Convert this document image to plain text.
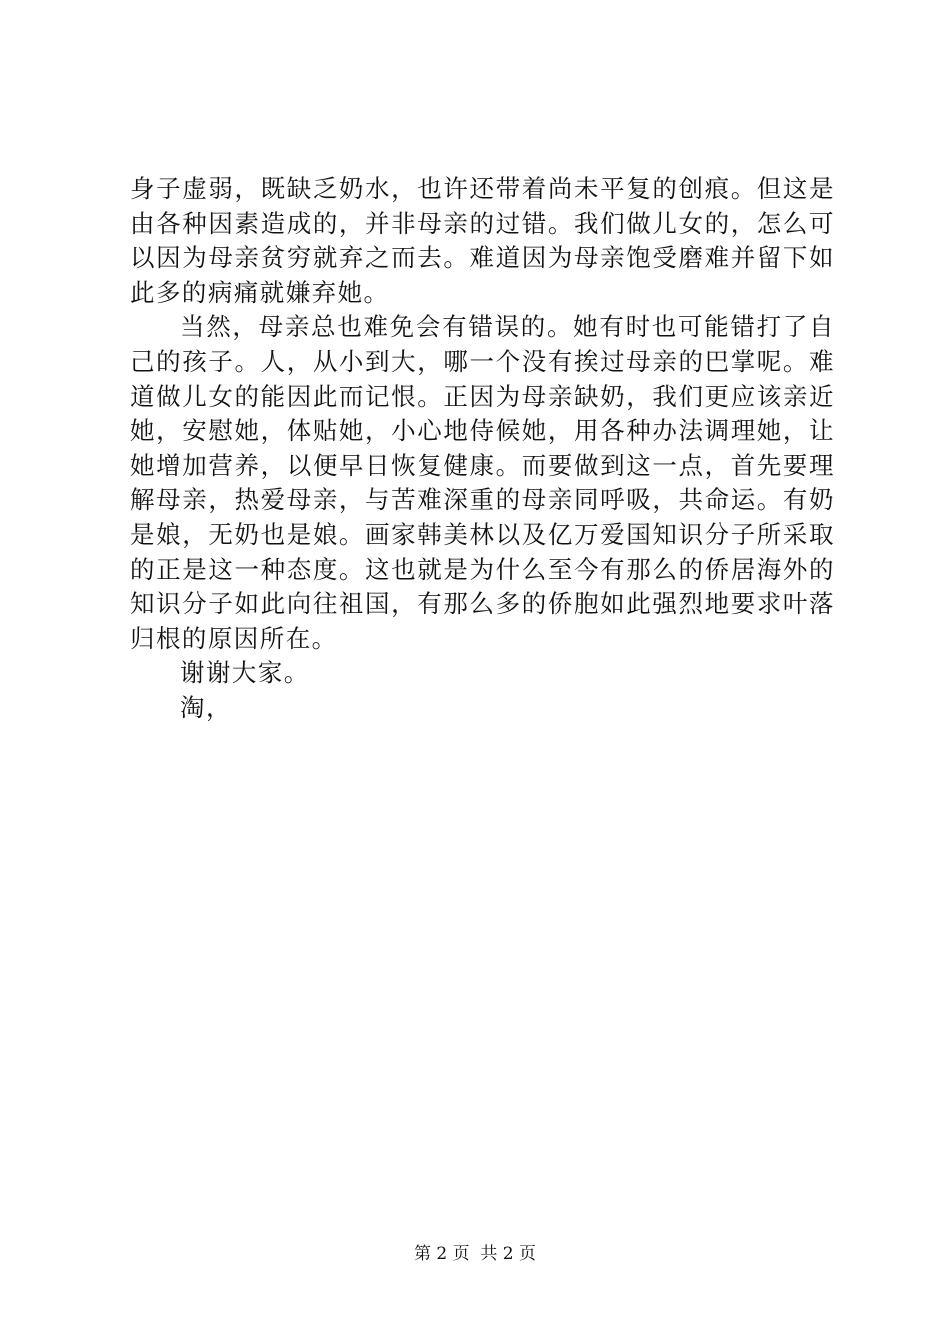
身子虚弱，既缺乏奶水，也许还带着尚未平复的创痕。但这是由各种因素造成的，并非母亲的过错。我们做儿女的，怎么可以因为母亲贫穷就弃之而去。难道因为母亲饱受磨难并留下如此多的病痛就嫌弃她。

当然，母亲总也难免会有错误的。她有时也可能错打了自己的孩子。人，从小到大，哪一个没有挨过母亲的巴掌呢。难道做儿女的能因此而记恨。正因为母亲缺奶，我们更应该亲近她，安慰她，体贴她，小心地侍候她，用各种办法调理她，让她增加营养，以便早日恢复健康。而要做到这一点，首先要理解母亲，热爱母亲，与苦难深重的母亲同呼吸，共命运。有奶是娘，无奶也是娘。画家韩美林以及亿万爱国知识分子所采取的正是这一种态度。这也就是为什么至今有那么的侨居海外的知识分子如此向往祖国，有那么多的侨胞如此强烈地要求叶落归根的原因所在。

谢谢大家。

淘，

第 2 页  共 2 页
